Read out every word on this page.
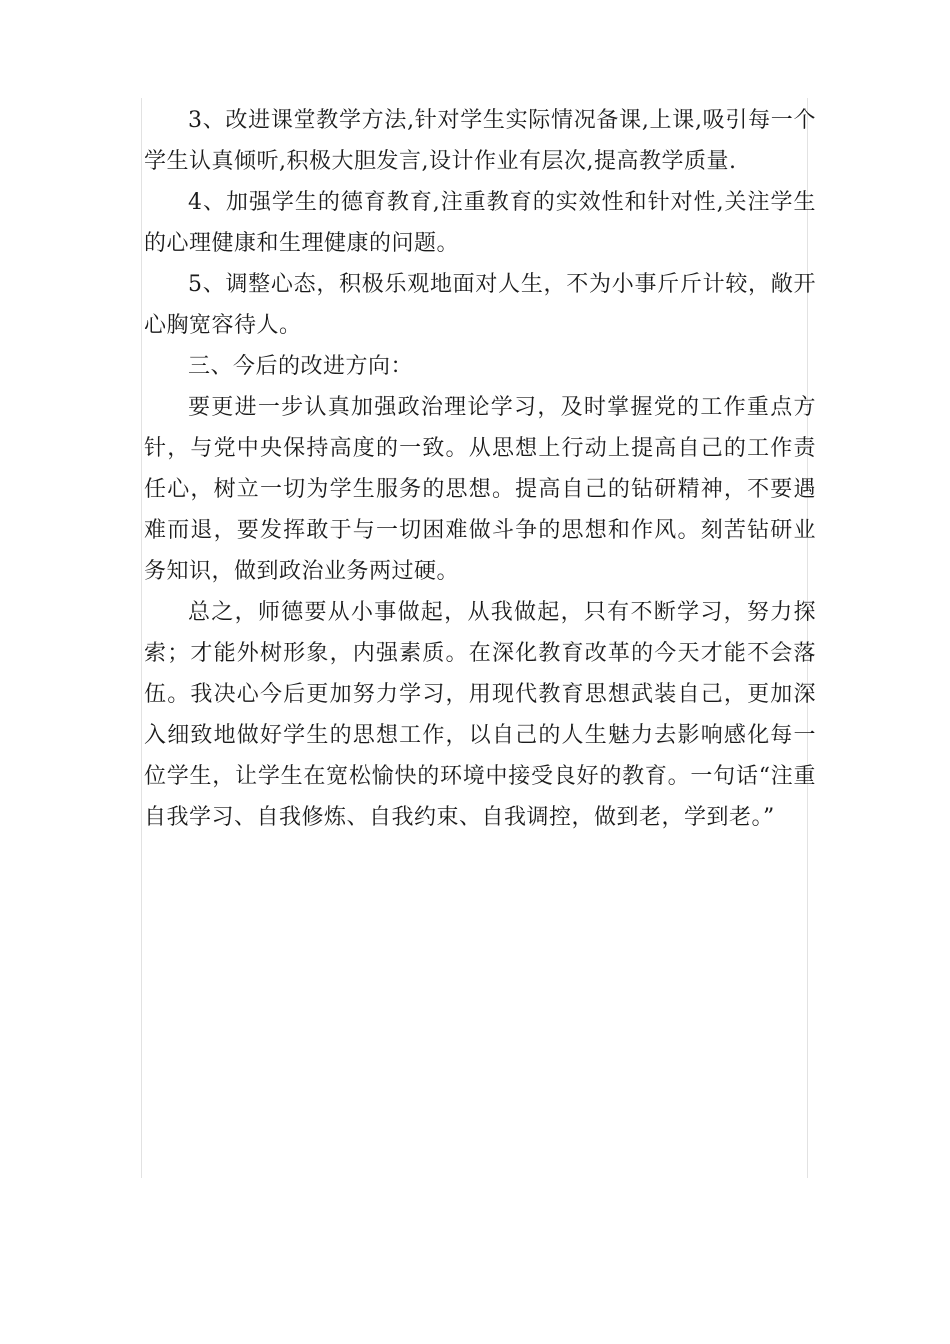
3、改进课堂教学方法,针对学生实际情况备课,上课,吸引每一个学生认真倾听,积极大胆发言,设计作业有层次,提高教学质量.

4、加强学生的德育教育,注重教育的实效性和针对性,关注学生的心理健康和生理健康的问题。

5、调整心态，积极乐观地面对人生，不为小事斤斤计较，敞开心胸宽容待人。

三、今后的改进方向：

要更进一步认真加强政治理论学习，及时掌握党的工作重点方针，与党中央保持高度的一致。从思想上行动上提高自己的工作责任心，树立一切为学生服务的思想。提高自己的钻研精神，不要遇难而退，要发挥敢于与一切困难做斗争的思想和作风。刻苦钻研业务知识，做到政治业务两过硬。

总之，师德要从小事做起，从我做起，只有不断学习，努力探索；才能外树形象，内强素质。在深化教育改革的今天才能不会落伍。我决心今后更加努力学习，用现代教育思想武装自己，更加深入细致地做好学生的思想工作，以自己的人生魅力去影响感化每一位学生，让学生在宽松愉快的环境中接受良好的教育。一句话“注重自我学习、自我修炼、自我约束、自我调控，做到老，学到老。”
